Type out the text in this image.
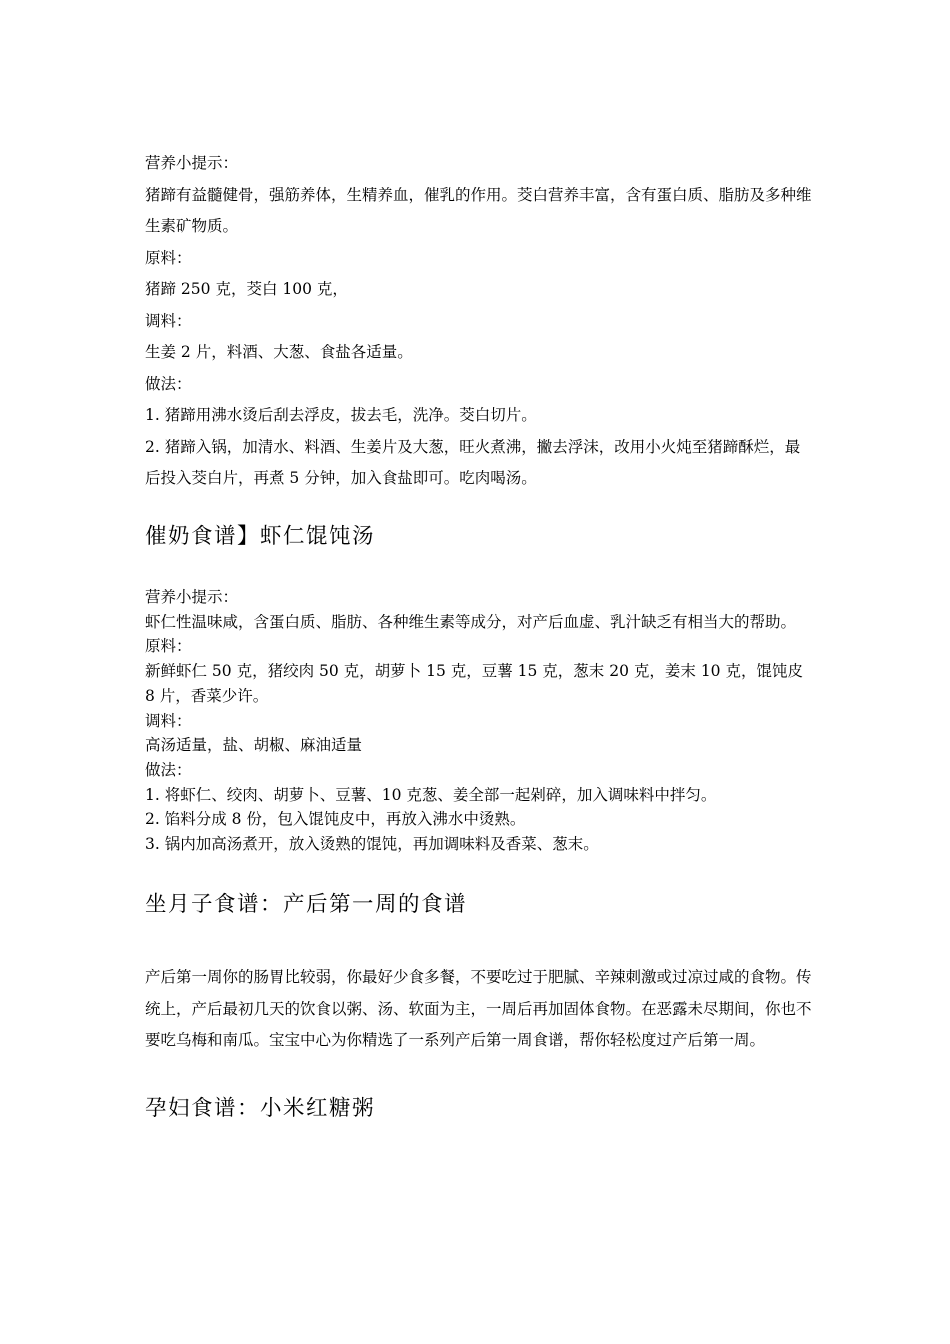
营养小提示：
猪蹄有益髓健骨，强筋养体，生精养血，催乳的作用。茭白营养丰富，含有蛋白质、脂肪及多种维生素矿物质。
原料：
猪蹄 250 克，茭白 100 克，
调料：
生姜 2 片，料酒、大葱、食盐各适量。
做法：
1. 猪蹄用沸水烫后刮去浮皮，拔去毛，洗净。茭白切片。
2. 猪蹄入锅，加清水、料酒、生姜片及大葱，旺火煮沸，撇去浮沫，改用小火炖至猪蹄酥烂，最后投入茭白片，再煮 5 分钟，加入食盐即可。吃肉喝汤。
催奶食谱】虾仁馄饨汤
营养小提示：
虾仁性温味咸，含蛋白质、脂肪、各种维生素等成分，对产后血虚、乳汁缺乏有相当大的帮助。
原料：
新鲜虾仁 50 克，猪绞肉 50 克，胡萝卜 15 克，豆薯 15 克，葱末 20 克，姜末 10 克，馄饨皮 8 片，香菜少许。
调料：
高汤适量，盐、胡椒、麻油适量
做法：
1. 将虾仁、绞肉、胡萝卜、豆薯、10 克葱、姜全部一起剁碎，加入调味料中拌匀。
2. 馅料分成 8 份，包入馄饨皮中，再放入沸水中烫熟。
3. 锅内加高汤煮开，放入烫熟的馄饨，再加调味料及香菜、葱末。
坐月子食谱：产后第一周的食谱
产后第一周你的肠胃比较弱，你最好少食多餐，不要吃过于肥腻、辛辣刺激或过凉过咸的食物。传统上，产后最初几天的饮食以粥、汤、软面为主，一周后再加固体食物。在恶露未尽期间，你也不要吃乌梅和南瓜。宝宝中心为你精选了一系列产后第一周食谱，帮你轻松度过产后第一周。
孕妇食谱：小米红糖粥
